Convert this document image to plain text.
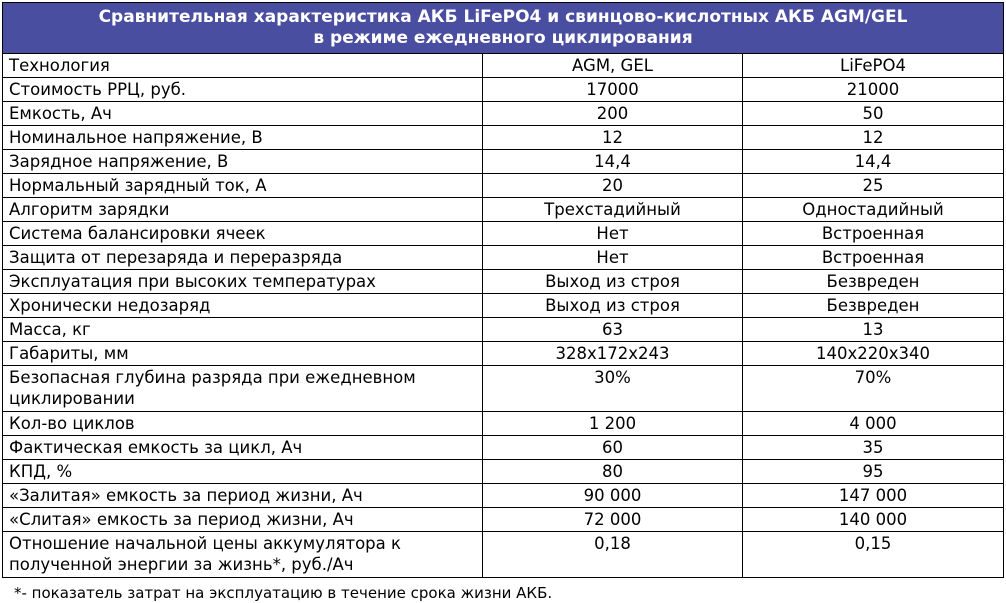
Сравнительная характеристика АКБ LiFePO4 и свинцово-кислотных АКБ AGM/GEL
в режиме ежедневного циклирования		

Технология	AGM, GEL	LiFePO4
Стоимость РРЦ, руб.	17000	21000
Емкость, Ач	200	50
Номинальное напряжение, В	12	12
Зарядное напряжение, В	14,4	14,4
Нормальный зарядный ток, А	20	25
Алгоритм зарядки	Трехстадийный	Одностадийный
Система балансировки ячеек	Нет	Встроенная
Защита от перезаряда и переразряда	Нет	Встроенная
Эксплуатация при высоких температурах	Выход из строя	Безвреден
Хронически недозаряд	Выход из строя	Безвреден
Масса, кг	63	13
Габариты, мм	328x172x243	140x220x340
Безопасная глубина разряда при ежедневном циклировании	30%	70%
Кол-во циклов	1 200	4 000
Фактическая емкость за цикл, Ач	60	35
КПД, %	80	95
«Залитая» емкость за период жизни, Ач	90 000	147 000
«Слитая» емкость за период жизни, Ач	72 000	140 000
Отношение начальной цены аккумулятора к полученной энергии за жизнь*, руб./Ач	0,18	0,15
*- показатель затрат на эксплуатацию в течение срока жизни АКБ.
